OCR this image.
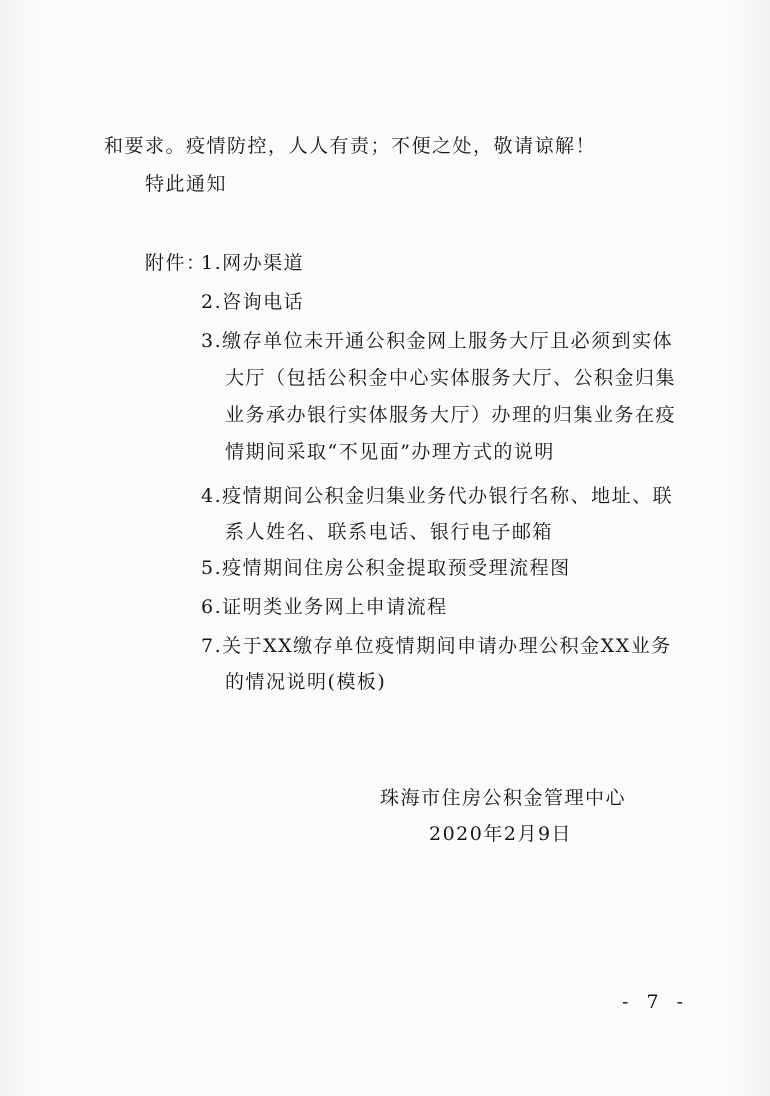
和要求。疫情防控，人人有责；不便之处，敬请谅解！

特此通知

附件：
1.网办渠道
2.咨询电话
3.缴存单位未开通公积金网上服务大厅且必须到实体
大厅（包括公积金中心实体服务大厅、公积金归集
业务承办银行实体服务大厅）办理的归集业务在疫
情期间采取“不见面”办理方式的说明
4.疫情期间公积金归集业务代办银行名称、地址、联
系人姓名、联系电话、银行电子邮箱
5.疫情期间住房公积金提取预受理流程图
6.证明类业务网上申请流程
7.关于XX缴存单位疫情期间申请办理公积金XX业务
的情况说明(模板)

珠海市住房公积金管理中心

2020年2月9日

- 7 -
